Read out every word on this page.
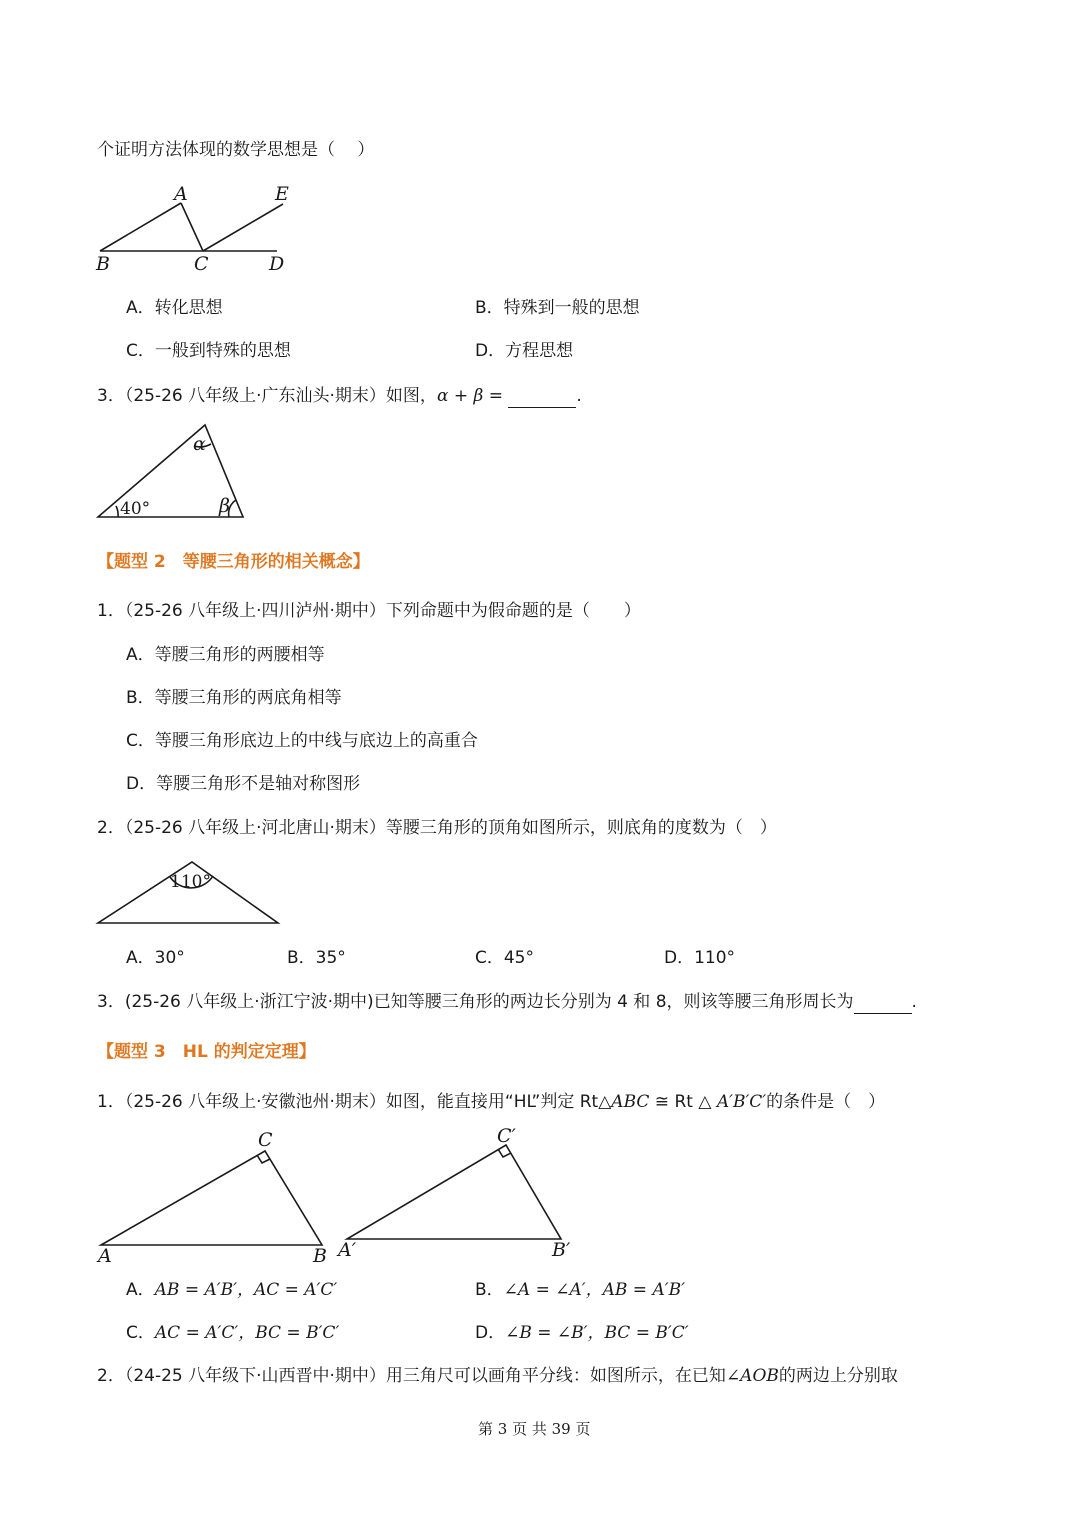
个证明方法体现的数学思想是（　 ）
A	E
B	C	D
α
β
40°
110°
C
A	B
C′
A′	B′
A．转化思想	B．特殊到一般的思想
C．一般到特殊的思想	D．方程思想
3．（25-26 八年级上·广东汕头·期末）如图，α + β =	.
【题型 2　等腰三角形的相关概念】
1．（25-26 八年级上·四川泸州·期中）下列命题中为假命题的是（　　）
A．等腰三角形的两腰相等
B．等腰三角形的两底角相等
C．等腰三角形底边上的中线与底边上的高重合
D．等腰三角形不是轴对称图形
2．（25-26 八年级上·河北唐山·期末）等腰三角形的顶角如图所示，则底角的度数为（　）
A．30°	B．35°	C．45°	D．110°
3．(25-26 八年级上·浙江宁波·期中)已知等腰三角形的两边长分别为 4 和 8，则该等腰三角形周长为	.
【题型 3　HL 的判定定理】
1．（25-26 八年级上·安徽池州·期末）如图，能直接用“HL”判定 Rt△ABC ≅ Rt △ A′B′C′的条件是（　）
A．AB = A′B′，AC = A′C′	B．∠A = ∠A′，AB = A′B′
C．AC = A′C′，BC = B′C′	D．∠B = ∠B′，BC = B′C′
2．（24-25 八年级下·山西晋中·期中）用三角尺可以画角平分线：如图所示，在已知∠AOB的两边上分别取
第 3 页 共 39 页
